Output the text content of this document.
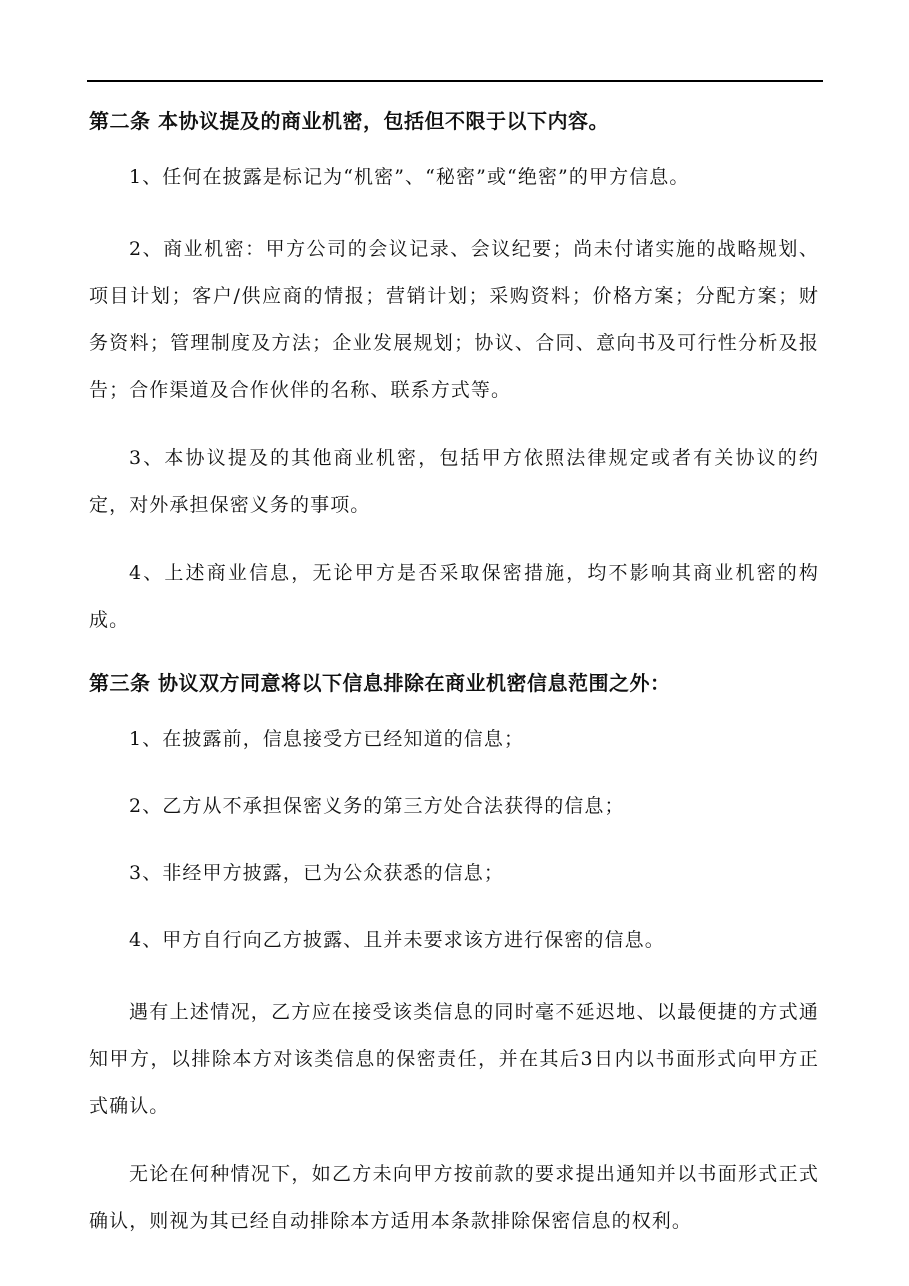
第二条 本协议提及的商业机密，包括但不限于以下内容。

1、任何在披露是标记为“机密”、“秘密”或“绝密”的甲方信息。

2、商业机密：甲方公司的会议记录、会议纪要；尚未付诸实施的战略规划、项目计划；客户/供应商的情报；营销计划；采购资料；价格方案；分配方案；财务资料；管理制度及方法；企业发展规划；协议、合同、意向书及可行性分析及报告；合作渠道及合作伙伴的名称、联系方式等。

3、本协议提及的其他商业机密，包括甲方依照法律规定或者有关协议的约定，对外承担保密义务的事项。

4、上述商业信息，无论甲方是否采取保密措施，均不影响其商业机密的构成。

第三条 协议双方同意将以下信息排除在商业机密信息范围之外：

1、在披露前，信息接受方已经知道的信息；

2、乙方从不承担保密义务的第三方处合法获得的信息；

3、非经甲方披露，已为公众获悉的信息；

4、甲方自行向乙方披露、且并未要求该方进行保密的信息。

遇有上述情况，乙方应在接受该类信息的同时毫不延迟地、以最便捷的方式通知甲方，以排除本方对该类信息的保密责任，并在其后3日内以书面形式向甲方正式确认。

无论在何种情况下，如乙方未向甲方按前款的要求提出通知并以书面形式正式确认，则视为其已经自动排除本方适用本条款排除保密信息的权利。
